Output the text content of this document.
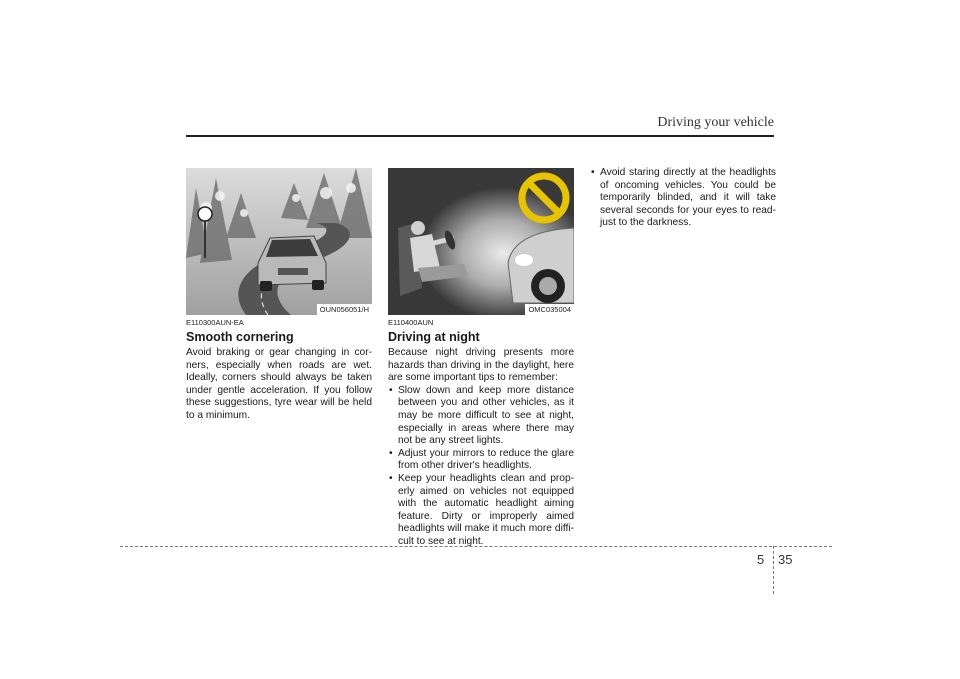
Driving your vehicle
OUN056051/H	OMC035004
E110300AUN-EA
Smooth cornering

Avoid braking or gear changing in cor-ners, especially when roads are wet. Ideally, corners should always be taken under gentle acceleration. If you follow these suggestions, tyre wear will be held to a minimum.

E110400AUN
Driving at night

Because night driving presents more hazards than driving in the daylight, here are some important tips to remember:

• Slow down and keep more distance between you and other vehicles, as it may be more difficult to see at night, especially in areas where there may not be any street lights.
• Adjust your mirrors to reduce the glare from other driver's headlights.
• Keep your headlights clean and prop-erly aimed on vehicles not equipped with the automatic headlight aiming feature. Dirty or improperly aimed headlights will make it much more diffi-cult to see at night.
• Avoid staring directly at the headlights of oncoming vehicles. You could be temporarily blinded, and it will take several seconds for your eyes to read-just to the darkness.
5 35
